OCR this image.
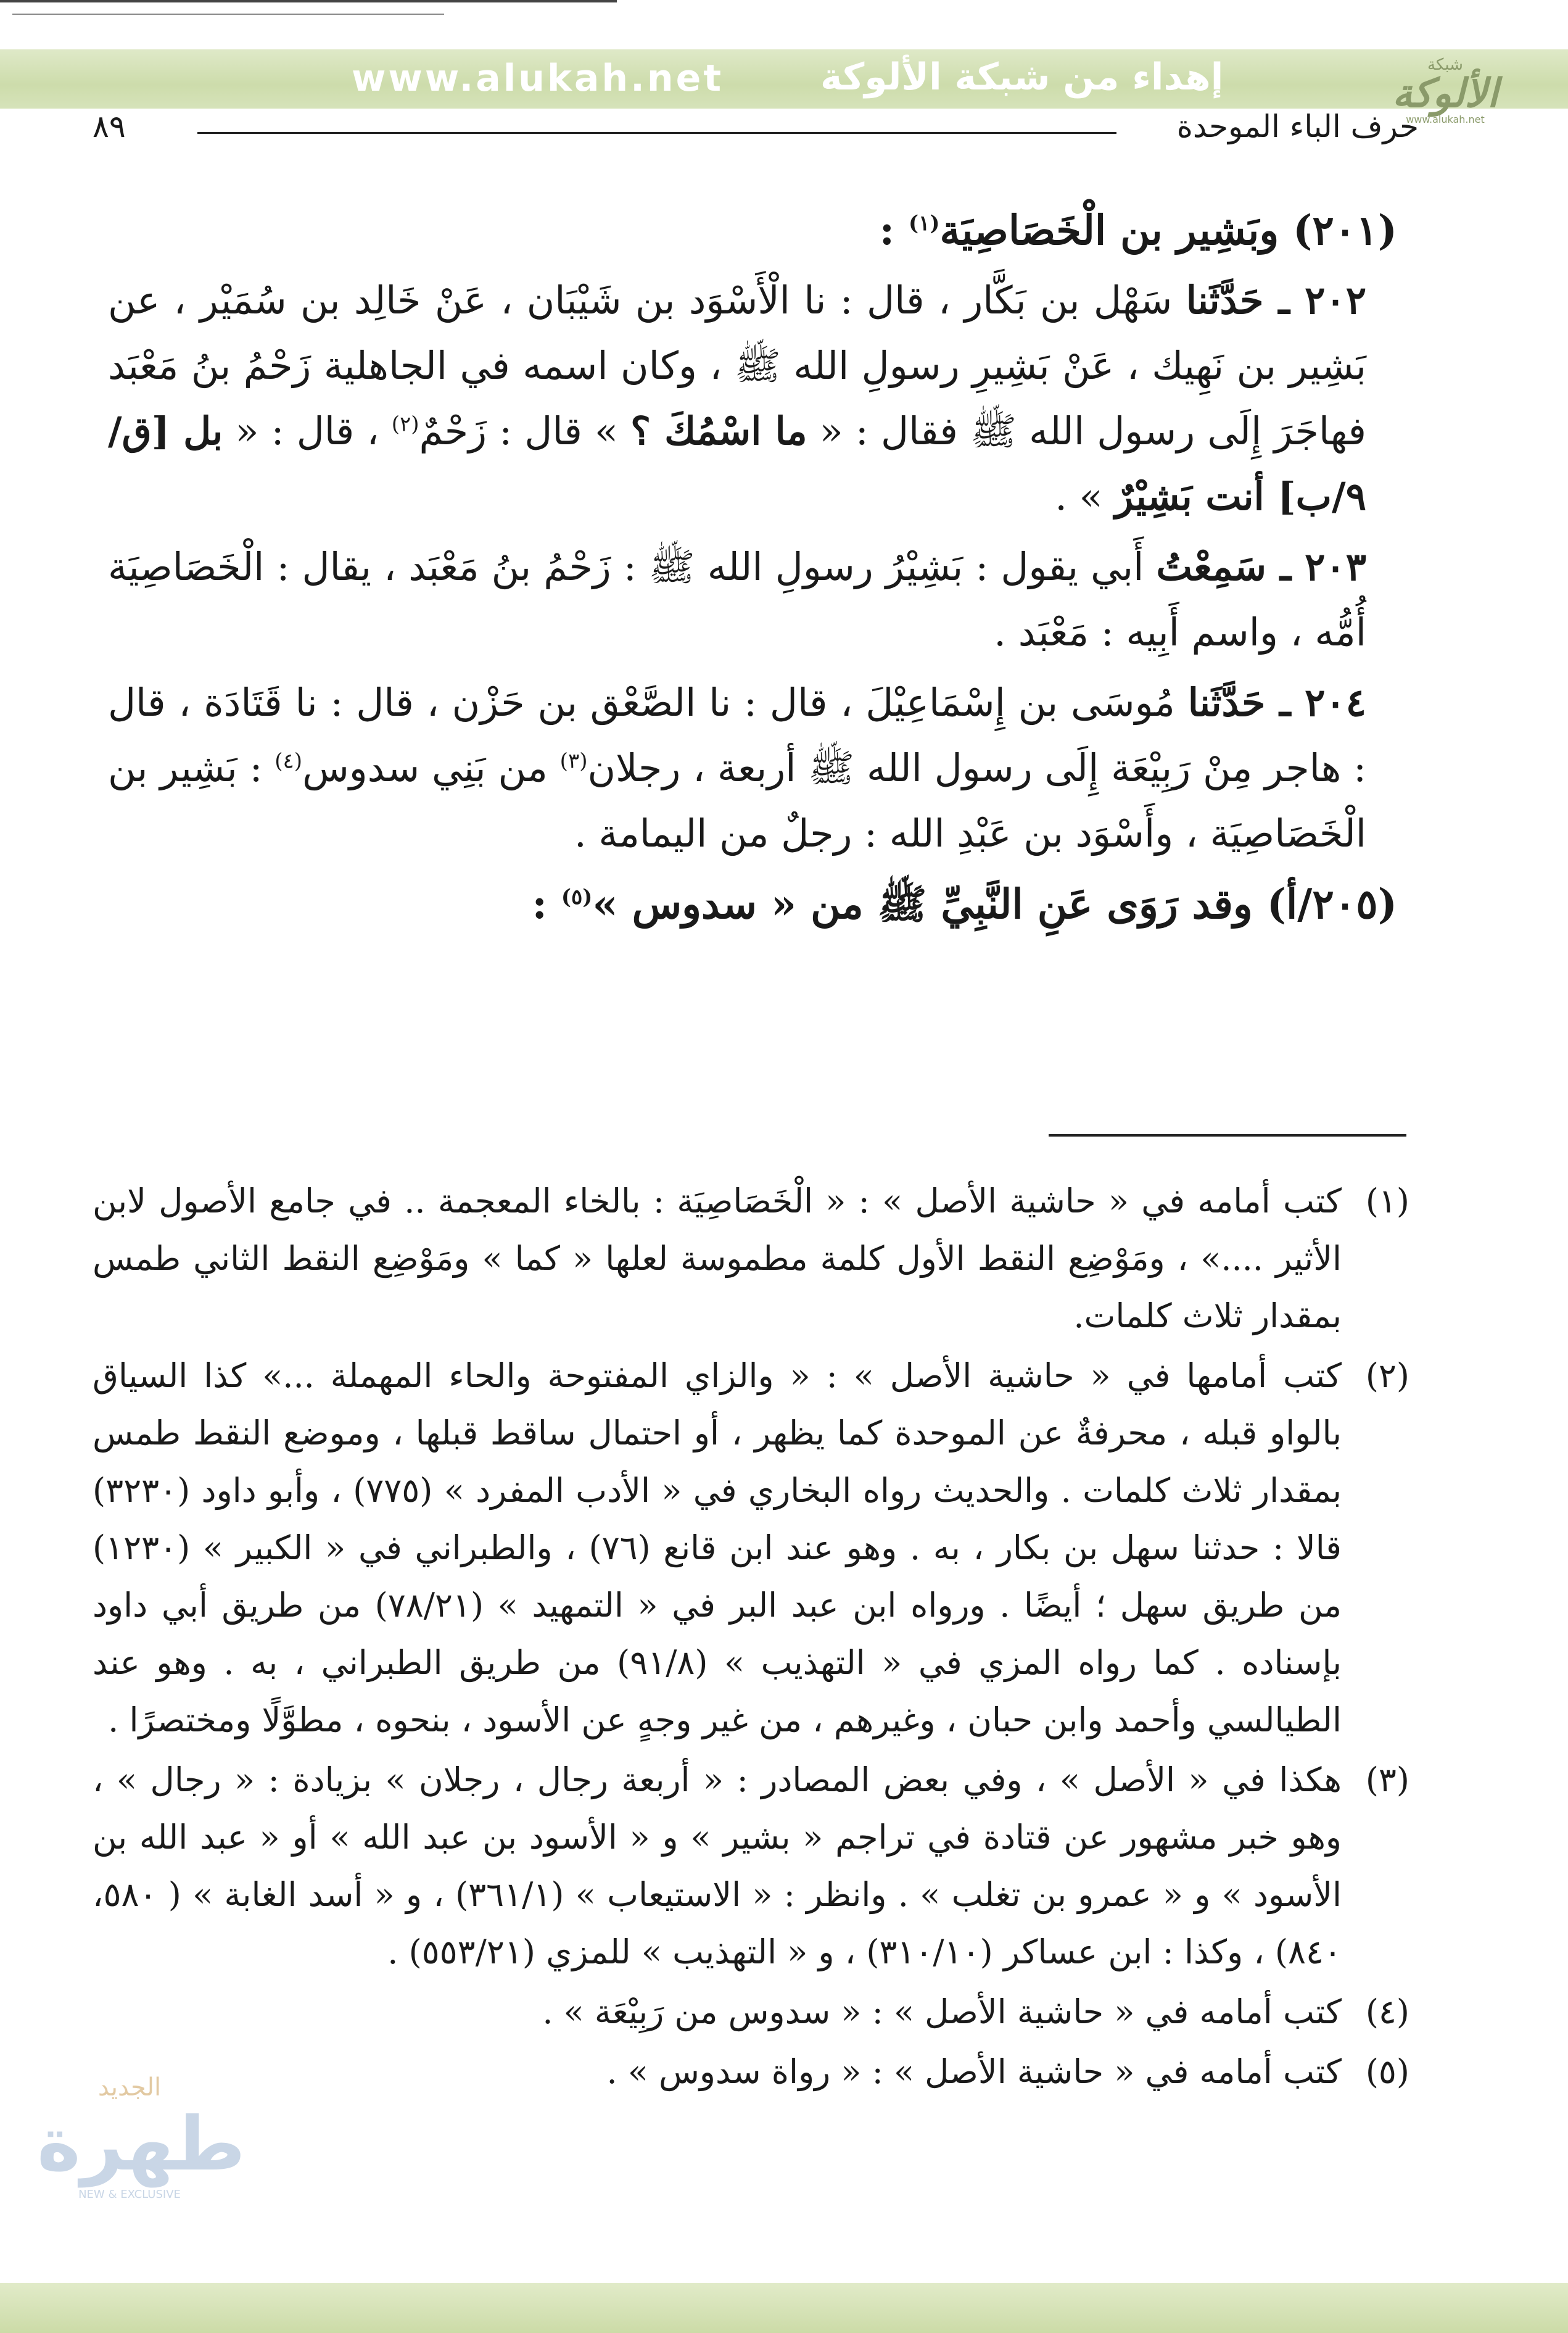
www.alukah.net	إهداء من شبكة الألوكة	شبكة
الألوكة
www.alukah.net
حرف الباء الموحدة
٨٩

(٢٠١) وبَشِير بن الْخَصَاصِيَة$^{(١)}$ :

٢٠٢ ـ حَدَّثَنا سَهْل بن بَكَّار ، قال : نا الْأَسْوَد بن شَيْبَان ، عَنْ خَالِد بن سُمَيْر ، عن بَشِير بن نَهِيك ، عَنْ بَشِيرِ رسولِ الله ﷺ ، وكان اسمه في الجاهلية زَحْمُ بنُ مَعْبَد فهاجَرَ إِلَى رسول الله ﷺ فقال : « ما اسْمُكَ ؟ » قال : زَحْمٌ$^{(٢)}$ ، قال : « بل [ق/٩/ب] أنت بَشِيْرٌ » .

٢٠٣ ـ سَمِعْتُ أَبي يقول : بَشِيْرُ رسولِ الله ﷺ : زَحْمُ بنُ مَعْبَد ، يقال : الْخَصَاصِيَة أُمُّه ، واسم أَبِيه : مَعْبَد .

٢٠٤ ـ حَدَّثَنا مُوسَى بن إِسْمَاعِيْلَ ، قال : نا الصَّعْق بن حَزْن ، قال : نا قَتَادَة ، قال : هاجر مِنْ رَبِيْعَة إِلَى رسول الله ﷺ أربعة ، رجلان$^{(٣)}$ من بَنِي سدوس$^{(٤)}$ : بَشِير بن الْخَصَاصِيَة ، وأَسْوَد بن عَبْدِ الله : رجلٌ من اليمامة .

(٢٠٥/أ) وقد رَوَى عَنِ النَّبِيِّ ﷺ من « سدوس »$^{(٥)}$ :

(١)
كتب أمامه في « حاشية الأصل » : « الْخَصَاصِيَة : بالخاء المعجمة .. في جامع الأصول لابن الأثير ....» ، ومَوْضِع النقط الأول كلمة مطموسة لعلها « كما » ومَوْضِع النقط الثاني طمس بمقدار ثلاث كلمات.
(٢)
كتب أمامها في « حاشية الأصل » : « والزاي المفتوحة والحاء المهملة ...» كذا السياق بالواو قبله ، محرفةٌ عن الموحدة كما يظهر ، أو احتمال ساقط قبلها ، وموضع النقط طمس بمقدار ثلاث كلمات . والحديث رواه البخاري في « الأدب المفرد » (٧٧٥) ، وأبو داود (٣٢٣٠) قالا : حدثنا سهل بن بكار ، به . وهو عند ابن قانع (٧٦) ، والطبراني في « الكبير » (١٢٣٠) من طريق سهل ؛ أيضًا . ورواه ابن عبد البر في « التمهيد » (٧٨/٢١) من طريق أبي داود بإسناده . كما رواه المزي في « التهذيب » (٩١/٨) من طريق الطبراني ، به . وهو عند الطيالسي وأحمد وابن حبان ، وغيرهم ، من غير وجهٍ عن الأسود ، بنحوه ، مطوَّلًا ومختصرًا .
(٣)
هكذا في « الأصل » ، وفي بعض المصادر : « أربعة رجال ، رجلان » بزيادة : « رجال » ، وهو خبر مشهور عن قتادة في تراجم « بشير » و « الأسود بن عبد الله » أو « عبد الله بن الأسود » و « عمرو بن تغلب » . وانظر : « الاستيعاب » (٣٦١/١) ، و « أسد الغابة » ( ٥٨٠، ٨٤٠) ، وكذا : ابن عساكر (٣١٠/١٠) ، و « التهذيب » للمزي (٥٥٣/٢١) .
(٤)
كتب أمامه في « حاشية الأصل » : « سدوس من رَبِيْعَة » .
(٥)
كتب أمامه في « حاشية الأصل » : « رواة سدوس » .
الجديد
طهرة
NEW & EXCLUSIVE
